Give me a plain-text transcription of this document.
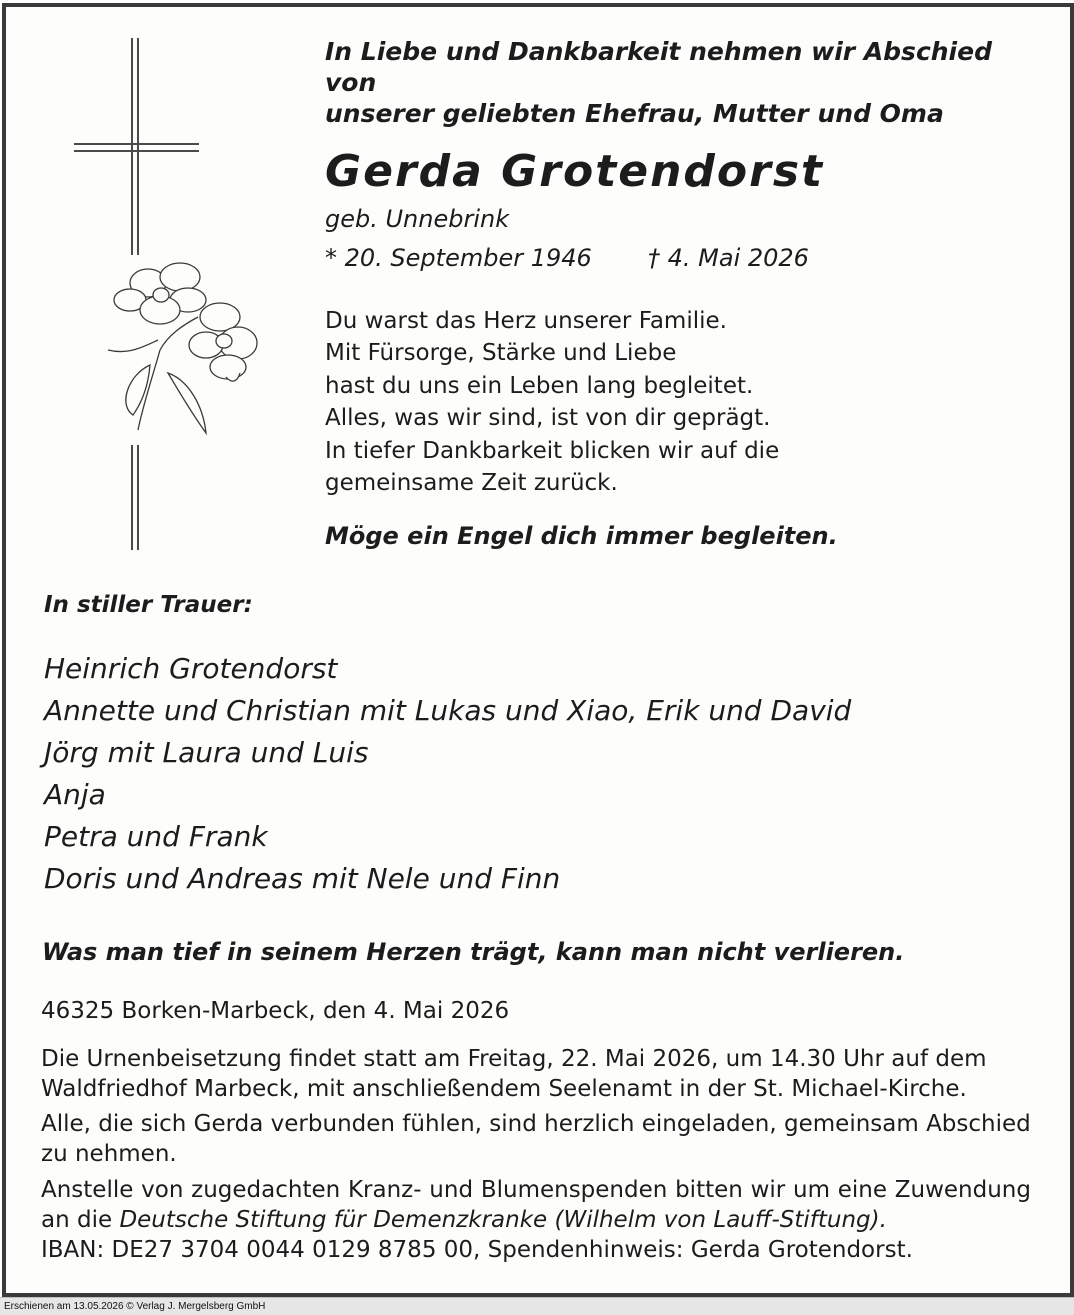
In Liebe und Dankbarkeit nehmen wir Abschied von
unserer geliebten Ehefrau, Mutter und Oma
Gerda Grotendorst
geb. Unnebrink
* 20. September 1946 † 4. Mai 2026
Du warst das Herz unserer Familie.
Mit Fürsorge, Stärke und Liebe
hast du uns ein Leben lang begleitet.
Alles, was wir sind, ist von dir geprägt.
In tiefer Dankbarkeit blicken wir auf die
gemeinsame Zeit zurück.
Möge ein Engel dich immer begleiten.
In stiller Trauer:
Heinrich Grotendorst
Annette und Christian mit Lukas und Xiao, Erik und David
Jörg mit Laura und Luis
Anja
Petra und Frank
Doris und Andreas mit Nele und Finn
Was man tief in seinem Herzen trägt, kann man nicht verlieren.
46325 Borken-Marbeck, den 4. Mai 2026
Die Urnenbeisetzung findet statt am Freitag, 22. Mai 2026, um 14.30 Uhr auf dem Waldfriedhof Marbeck, mit anschließendem Seelenamt in der St. Michael-Kirche.
Alle, die sich Gerda verbunden fühlen, sind herzlich eingeladen, gemeinsam Abschied zu nehmen.
Anstelle von zugedachten Kranz- und Blumenspenden bitten wir um eine Zuwendung an die Deutsche Stiftung für Demenzkranke (Wilhelm von Lauff-Stiftung).
IBAN: DE27 3704 0044 0129 8785 00, Spendenhinweis: Gerda Grotendorst.
Erschienen am 13.05.2026 © Verlag J. Mergelsberg GmbH
